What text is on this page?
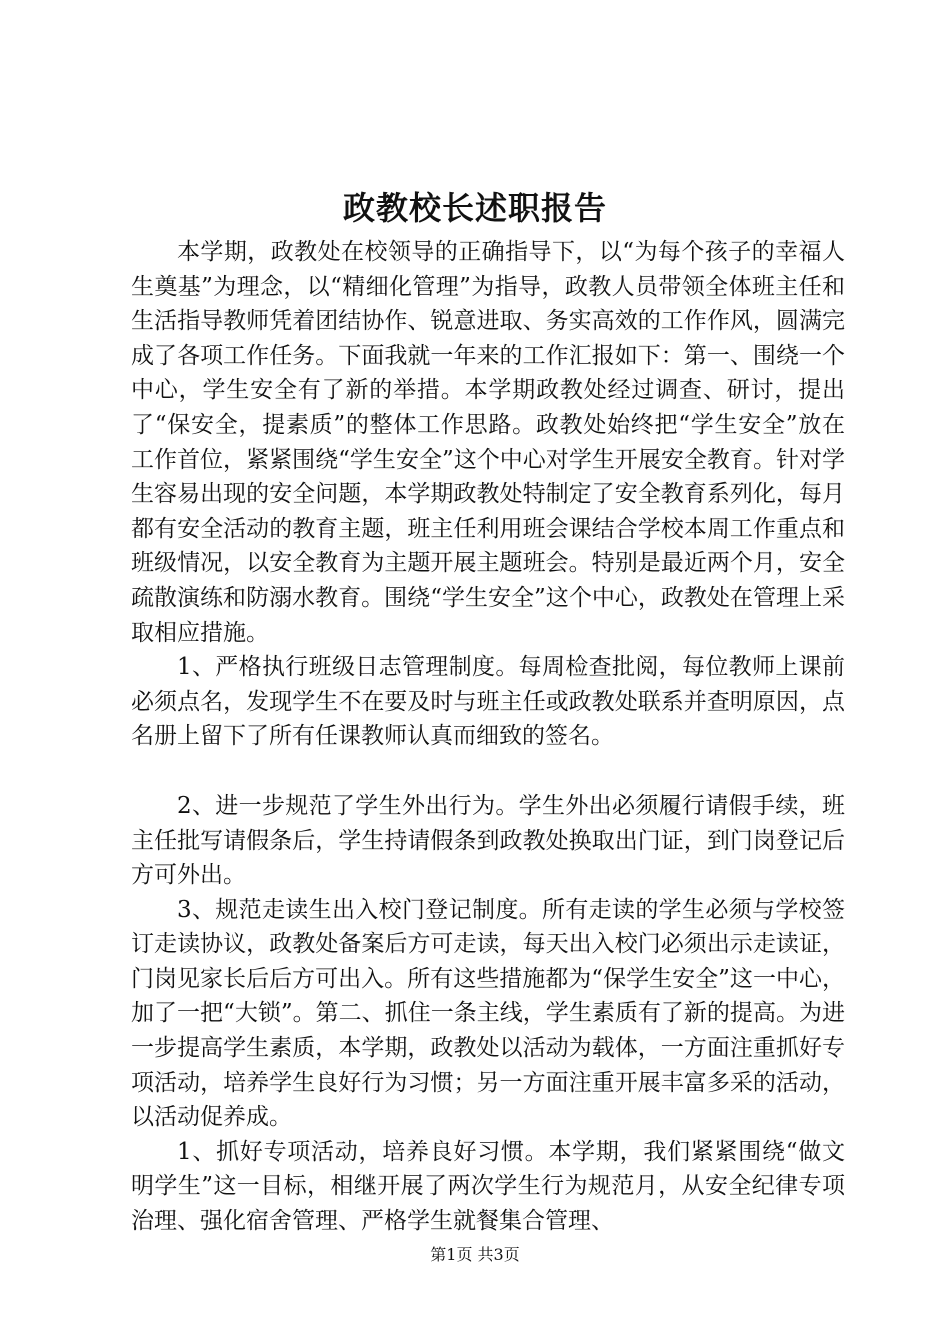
政教校长述职报告

本学期，政教处在校领导的正确指导下，以“为每个孩子的幸福人生奠基”为理念，以“精细化管理”为指导，政教人员带领全体班主任和生活指导教师凭着团结协作、锐意进取、务实高效的工作作风，圆满完成了各项工作任务。下面我就一年来的工作汇报如下：第一、围绕一个中心，学生安全有了新的举措。本学期政教处经过调查、研讨，提出了“保安全，提素质”的整体工作思路。政教处始终把“学生安全”放在工作首位，紧紧围绕“学生安全”这个中心对学生开展安全教育。针对学生容易出现的安全问题，本学期政教处特制定了安全教育系列化，每月都有安全活动的教育主题，班主任利用班会课结合学校本周工作重点和班级情况，以安全教育为主题开展主题班会。特别是最近两个月，安全疏散演练和防溺水教育。围绕“学生安全”这个中心，政教处在管理上采取相应措施。

1、严格执行班级日志管理制度。每周检查批阅，每位教师上课前必须点名，发现学生不在要及时与班主任或政教处联系并查明原因，点名册上留下了所有任课教师认真而细致的签名。

2、进一步规范了学生外出行为。学生外出必须履行请假手续，班主任批写请假条后，学生持请假条到政教处换取出门证，到门岗登记后方可外出。

3、规范走读生出入校门登记制度。所有走读的学生必须与学校签订走读协议，政教处备案后方可走读，每天出入校门必须出示走读证，门岗见家长后后方可出入。所有这些措施都为“保学生安全”这一中心，加了一把“大锁”。第二、抓住一条主线，学生素质有了新的提高。为进一步提高学生素质，本学期，政教处以活动为载体，一方面注重抓好专项活动，培养学生良好行为习惯；另一方面注重开展丰富多采的活动，以活动促养成。

1、抓好专项活动，培养良好习惯。本学期，我们紧紧围绕“做文明学生”这一目标，相继开展了两次学生行为规范月，从安全纪律专项治理、强化宿舍管理、严格学生就餐集合管理、

第1页 共3页
